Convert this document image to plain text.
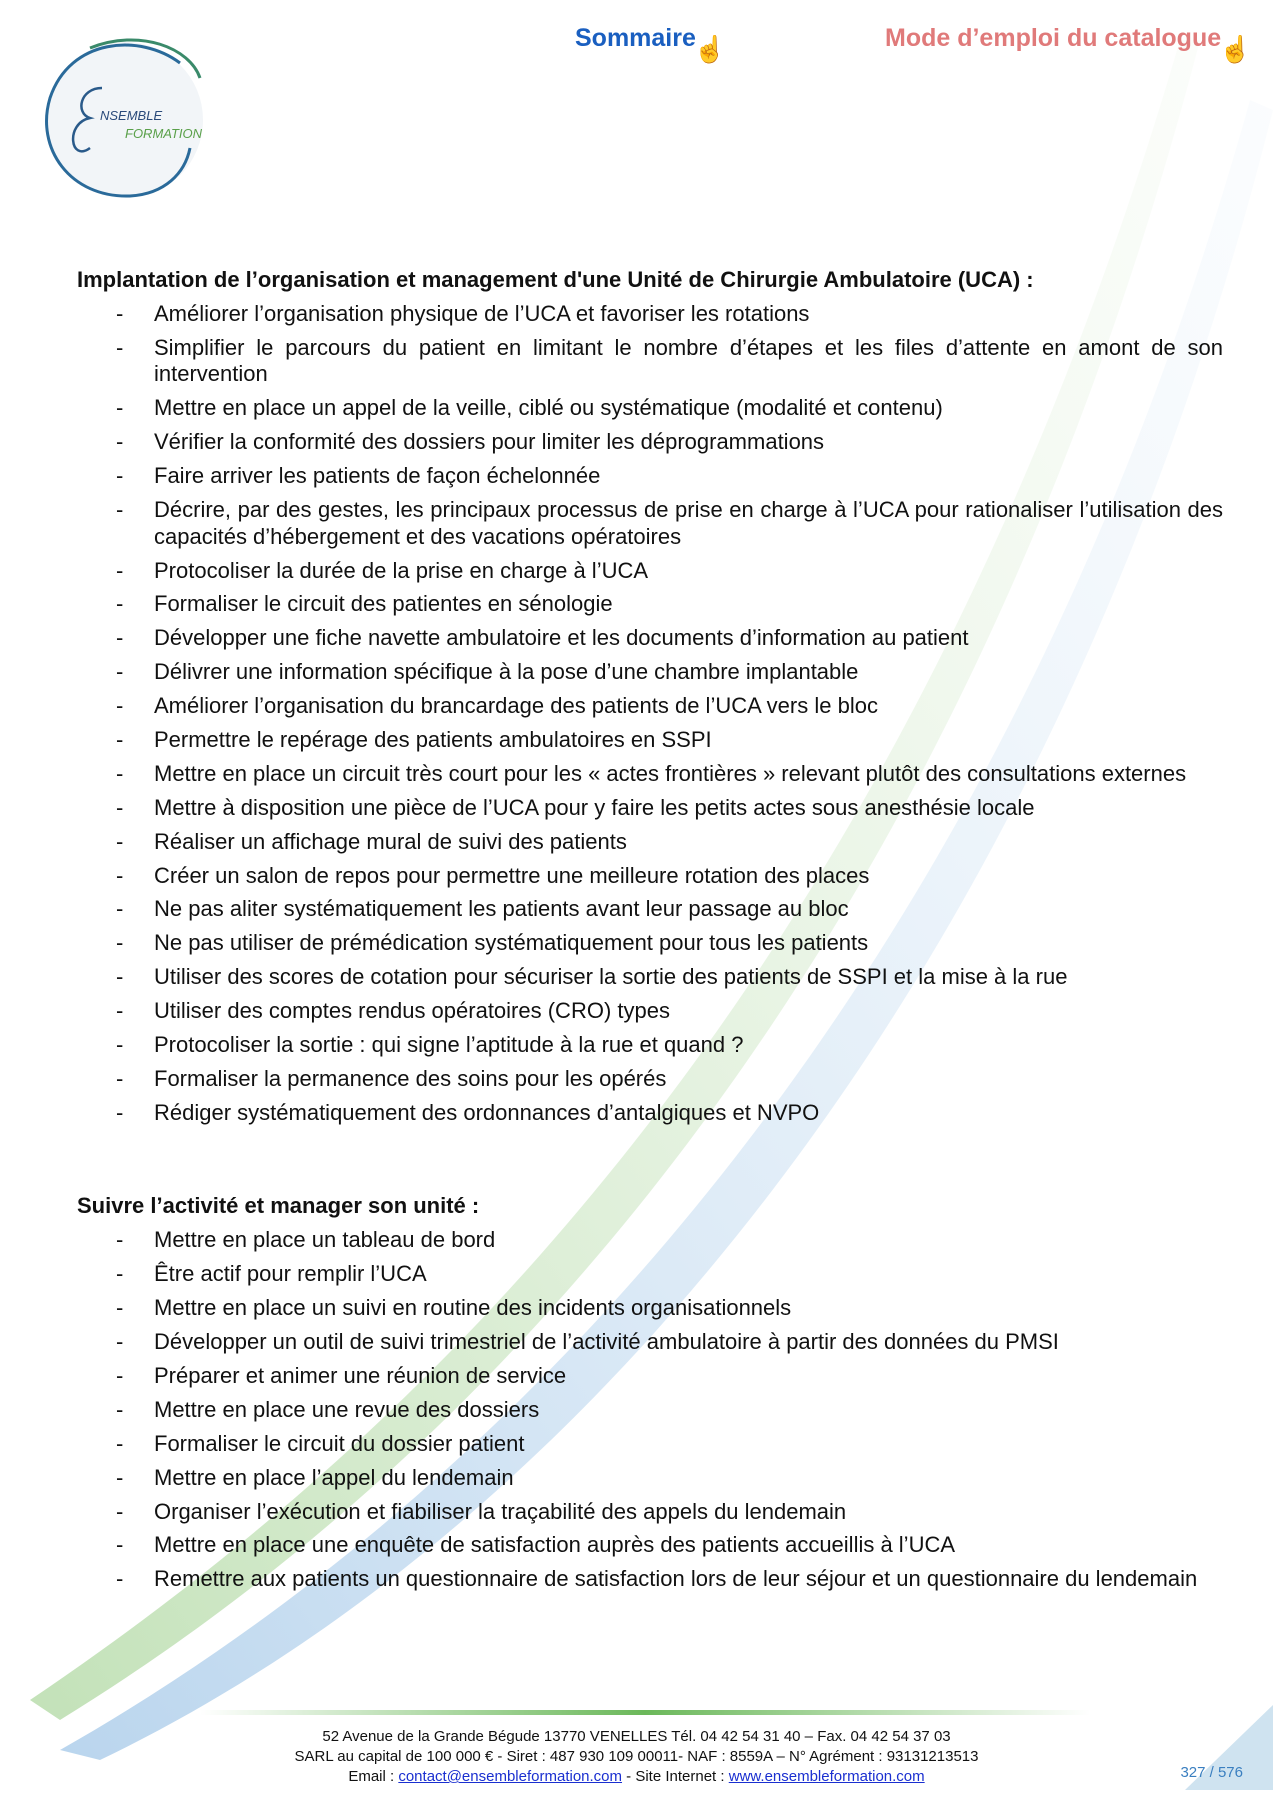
NSEMBLE
FORMATION
Sommaire
☝	Mode d’emploi du catalogue
☝
Implantation de l’organisation et management d'une Unité de Chirurgie Ambulatoire (UCA) :
- Améliorer l’organisation physique de l’UCA et favoriser les rotations
- Simplifier le parcours du patient en limitant le nombre d’étapes et les files d’attente en amont de son intervention
- Mettre en place un appel de la veille, ciblé ou systématique (modalité et contenu)
- Vérifier la conformité des dossiers pour limiter les déprogrammations
- Faire arriver les patients de façon échelonnée
- Décrire, par des gestes, les principaux processus de prise en charge à l’UCA pour rationaliser l’utilisation des capacités d’hébergement et des vacations opératoires
- Protocoliser la durée de la prise en charge à l’UCA
- Formaliser le circuit des patientes en sénologie
- Développer une fiche navette ambulatoire et les documents d’information au patient
- Délivrer une information spécifique à la pose d’une chambre implantable
- Améliorer l’organisation du brancardage des patients de l’UCA vers le bloc
- Permettre le repérage des patients ambulatoires en SSPI
- Mettre en place un circuit très court pour les « actes frontières » relevant plutôt des consultations externes
- Mettre à disposition une pièce de l’UCA pour y faire les petits actes sous anesthésie locale
- Réaliser un affichage mural de suivi des patients
- Créer un salon de repos pour permettre une meilleure rotation des places
- Ne pas aliter systématiquement les patients avant leur passage au bloc
- Ne pas utiliser de prémédication systématiquement pour tous les patients
- Utiliser des scores de cotation pour sécuriser la sortie des patients de SSPI et la mise à la rue
- Utiliser des comptes rendus opératoires (CRO) types
- Protocoliser la sortie : qui signe l’aptitude à la rue et quand ?
- Formaliser la permanence des soins pour les opérés
- Rédiger systématiquement des ordonnances d’antalgiques et NVPO
Suivre l’activité et manager son unité :
- Mettre en place un tableau de bord
- Être actif pour remplir l’UCA
- Mettre en place un suivi en routine des incidents organisationnels
- Développer un outil de suivi trimestriel de l’activité ambulatoire à partir des données du PMSI
- Préparer et animer une réunion de service
- Mettre en place une revue des dossiers
- Formaliser le circuit du dossier patient
- Mettre en place l’appel du lendemain
- Organiser l’exécution et fiabiliser la traçabilité des appels du lendemain
- Mettre en place une enquête de satisfaction auprès des patients accueillis à l’UCA
- Remettre aux patients un questionnaire de satisfaction lors de leur séjour et un questionnaire du lendemain
52 Avenue de la Grande Bégude 13770 VENELLES Tél. 04 42 54 31 40 – Fax. 04 42 54 37 03
SARL au capital de 100 000 € - Siret : 487 930 109 00011- NAF : 8559A – N° Agrément : 93131213513
Email : contact@ensembleformation.com - Site Internet : www.ensembleformation.com	327 / 576
